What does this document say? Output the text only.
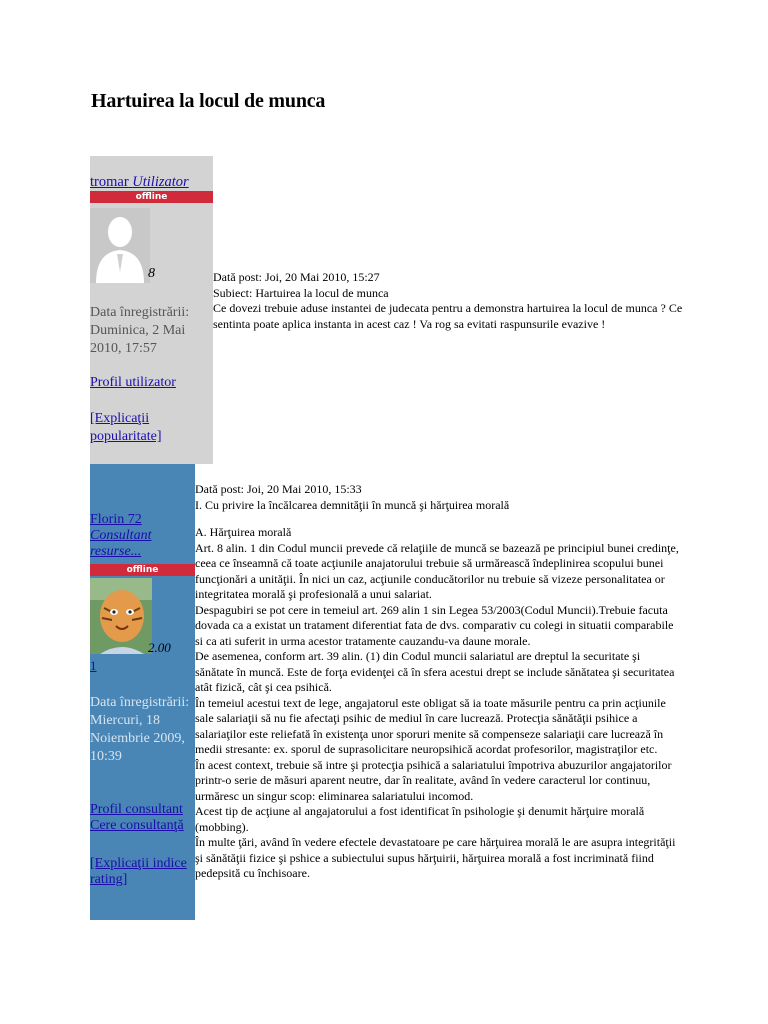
Hartuirea la locul de munca
tromar Utilizator
offline
8
Data înregistrării: Duminica, 2 Mai 2010, 17:57
Profil utilizator
[Explicaţii popularitate]
Dată post: Joi, 20 Mai 2010, 15:27
Subiect: Hartuirea la locul de munca
Ce dovezi trebuie aduse instantei de judecata pentru a demonstra hartuirea la locul de munca ? Ce sentinta poate aplica instanta in acest caz ! Va rog sa evitati raspunsurile evazive !
Florin 72
Consultant resurse...
offline
2.00
1
Data înregistrării: Miercuri, 18 Noiembrie 2009, 10:39
Profil consultant
Cere consultanţă
[Explicaţii indice rating]
Dată post: Joi, 20 Mai 2010, 15:33
I. Cu privire la încălcarea demnităţii în muncă şi hărţuirea morală
A. Hărţuirea morală
Art. 8 alin. 1 din Codul muncii prevede că relaţiile de muncă se bazează pe principiul bunei credinţe, ceea ce înseamnă că toate acţiunile anajatorului trebuie să urmărească îndeplinirea scopului bunei funcţionări a unităţii. În nici un caz, acţiunile conducătorilor nu trebuie să vizeze personalitatea or integritatea morală şi profesională a unui salariat.
Despagubiri se pot cere in temeiul art. 269 alin 1 sin Legea 53/2003(Codul Muncii).Trebuie facuta dovada ca a existat un tratament diferentiat fata de dvs. comparativ cu colegi in situatii comparabile si ca ati suferit in urma acestor tratamente cauzandu-va daune morale.
De asemenea, conform art. 39 alin. (1) din Codul muncii salariatul are dreptul la securitate şi sănătate în muncă. Este de forţa evidenţei că în sfera acestui drept se include sănătatea şi securitatea atât fizică, cât şi cea psihică.
În temeiul acestui text de lege, angajatorul este obligat să ia toate măsurile pentru ca prin acţiunile sale salariaţii să nu fie afectaţi psihic de mediul în care lucrează. Protecţia sănătăţii psihice a salariaţilor este reliefată în existenţa unor sporuri menite să compenseze salariaţii care lucrează în medii stresante: ex. sporul de suprasolicitare neuropsihică acordat profesorilor, magistraţilor etc.
În acest context, trebuie să intre şi protecţia psihică a salariatului împotriva abuzurilor angajatorilor printr-o serie de măsuri aparent neutre, dar în realitate, având în vedere caracterul lor continuu, urmăresc un singur scop: eliminarea salariatului incomod.
Acest tip de acţiune al angajatorului a fost identificat în psihologie şi denumit hărţuire morală (mobbing).
În multe ţări, având în vedere efectele devastatoare pe care hărţuirea morală le are asupra integrităţii şi sănătăţii fizice şi pshice a subiectului supus hărţuirii, hărţuirea morală a fost incriminată fiind pedepsită cu închisoare.
